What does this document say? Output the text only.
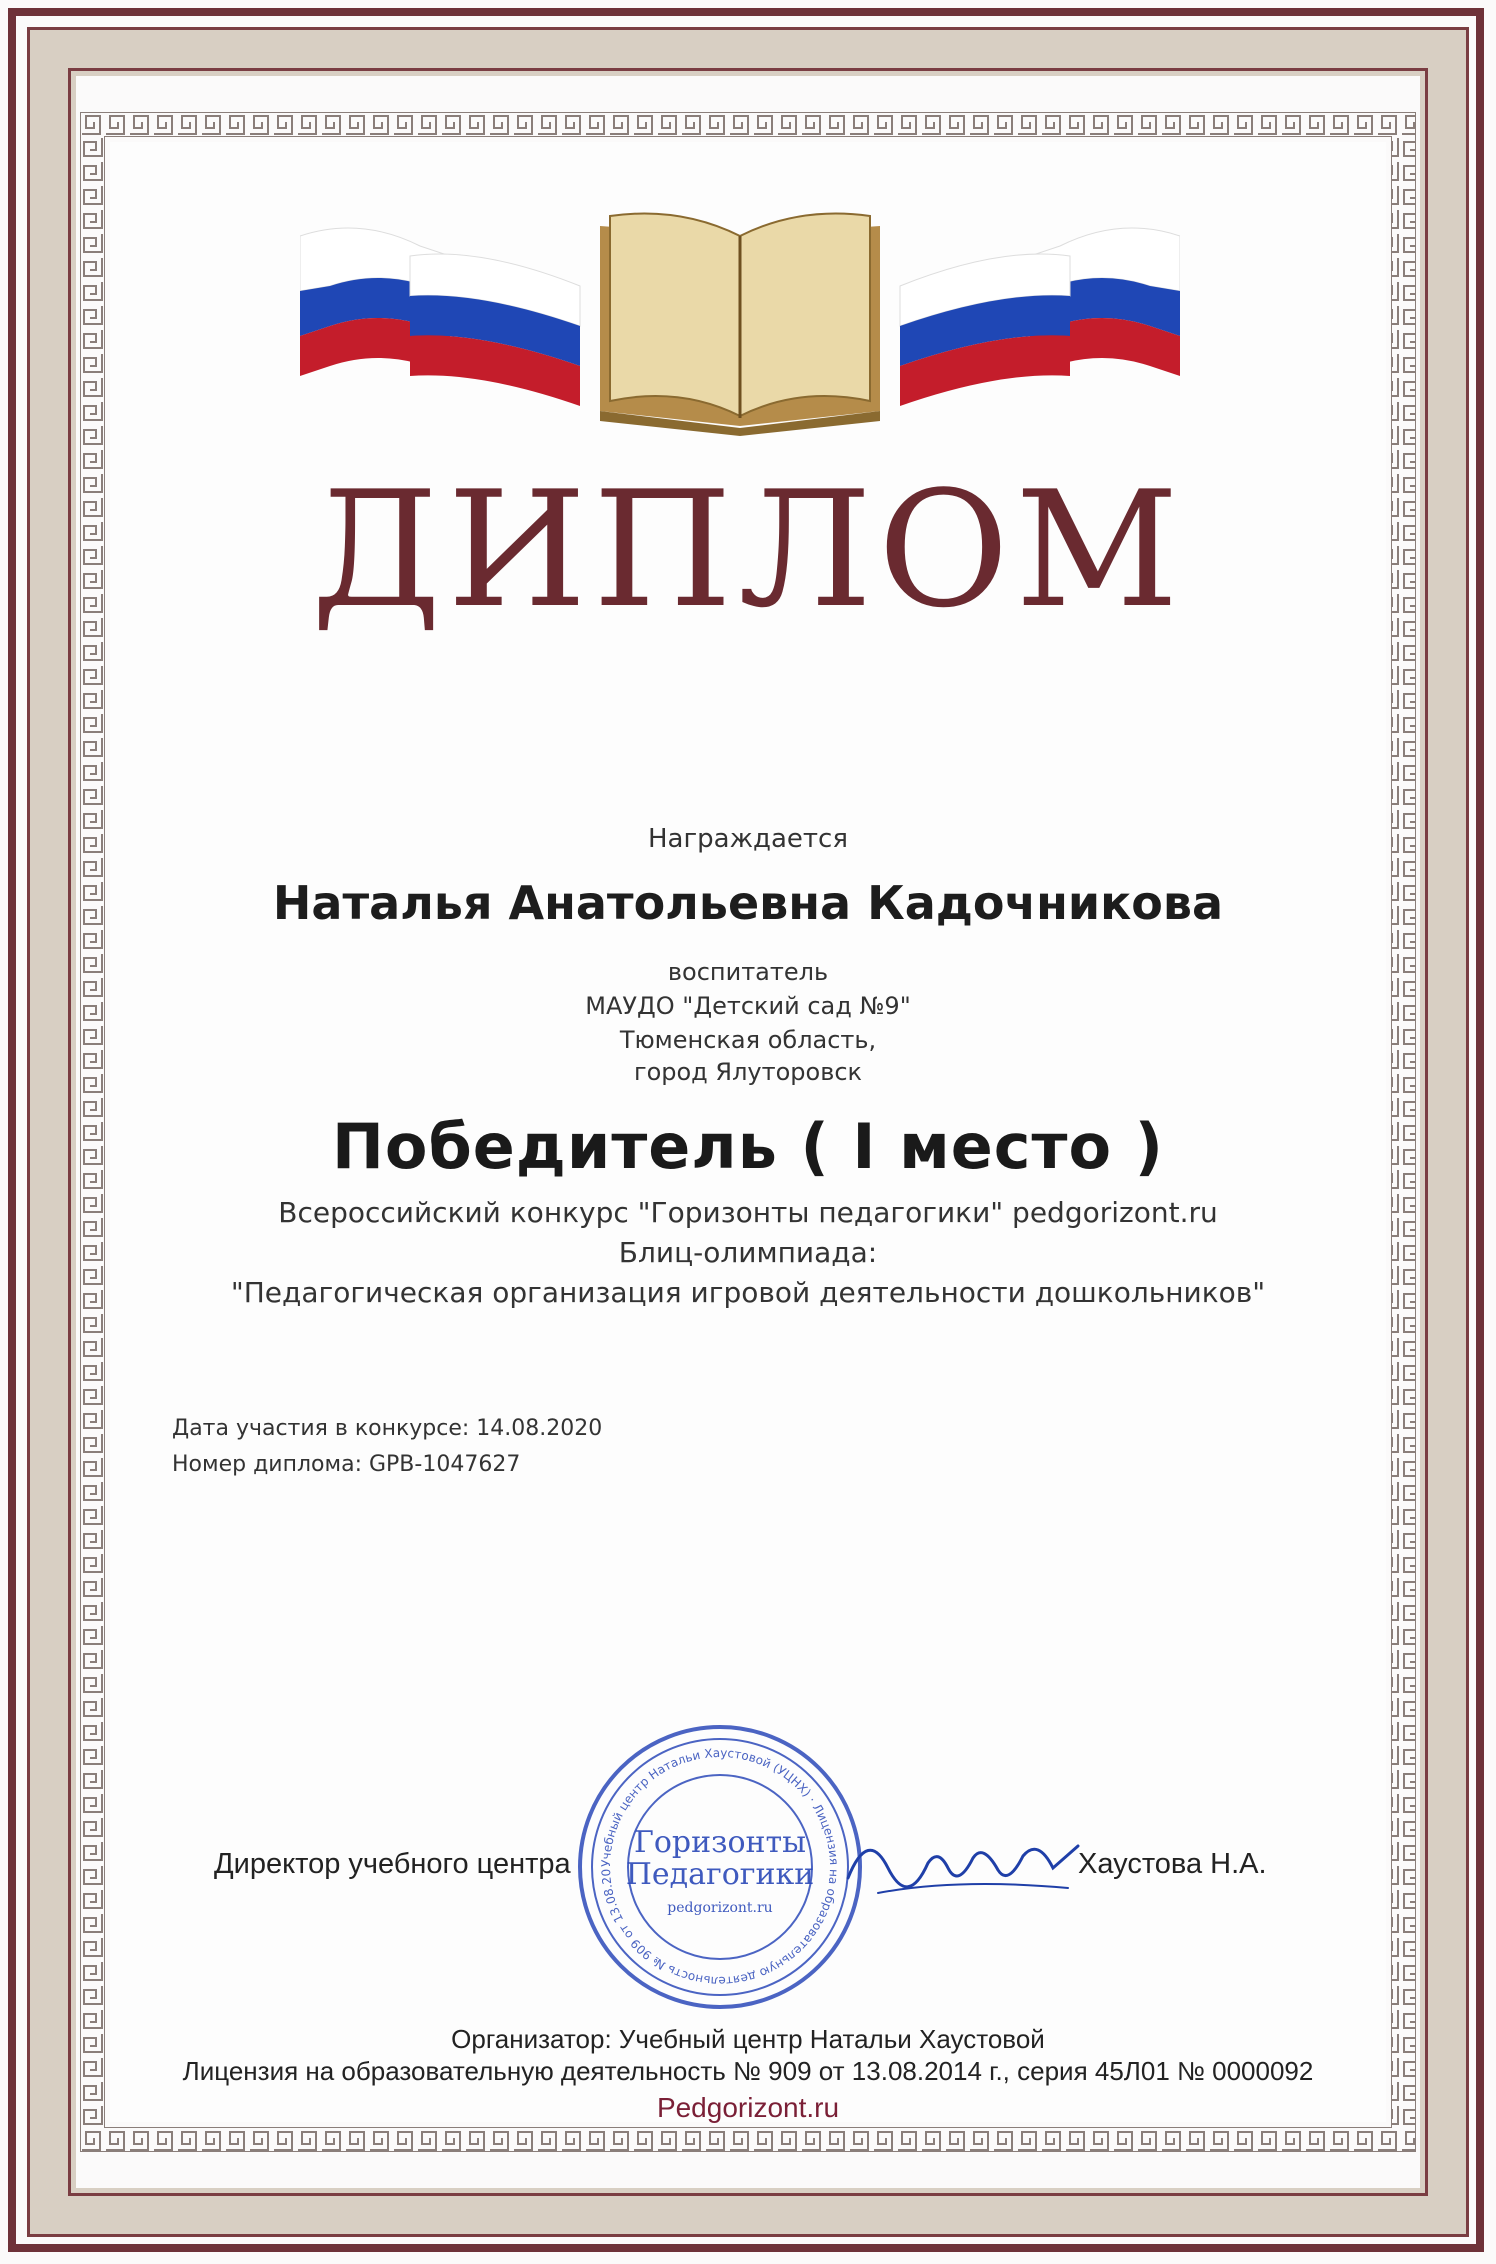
ДИПЛОМ
Награждается
Наталья Анатольевна Кадочникова
воспитатель
МАУДО "Детский сад №9"
Тюменская область,
город Ялуторовск
Победитель ( I место )
Всероссийский конкурс "Горизонты педагогики" pedgorizont.ru
Блиц-олимпиада:
"Педагогическая организация игровой деятельности дошкольников"
Дата участия в конкурсе: 14.08.2020
Номер диплома: GPB-1047627
Директор учебного центра	Хаустова Н.А.
Учебный центр Натальи Хаустовой (УЦНХ) · Лицензия на образовательную деятельность № 909 от 13.08.20
Горизонты
Педагогики
pedgorizont.ru
Организатор: Учебный центр Натальи Хаустовой
Лицензия на образовательную деятельность № 909 от 13.08.2014 г., серия 45Л01 № 0000092
Pedgorizont.ru
